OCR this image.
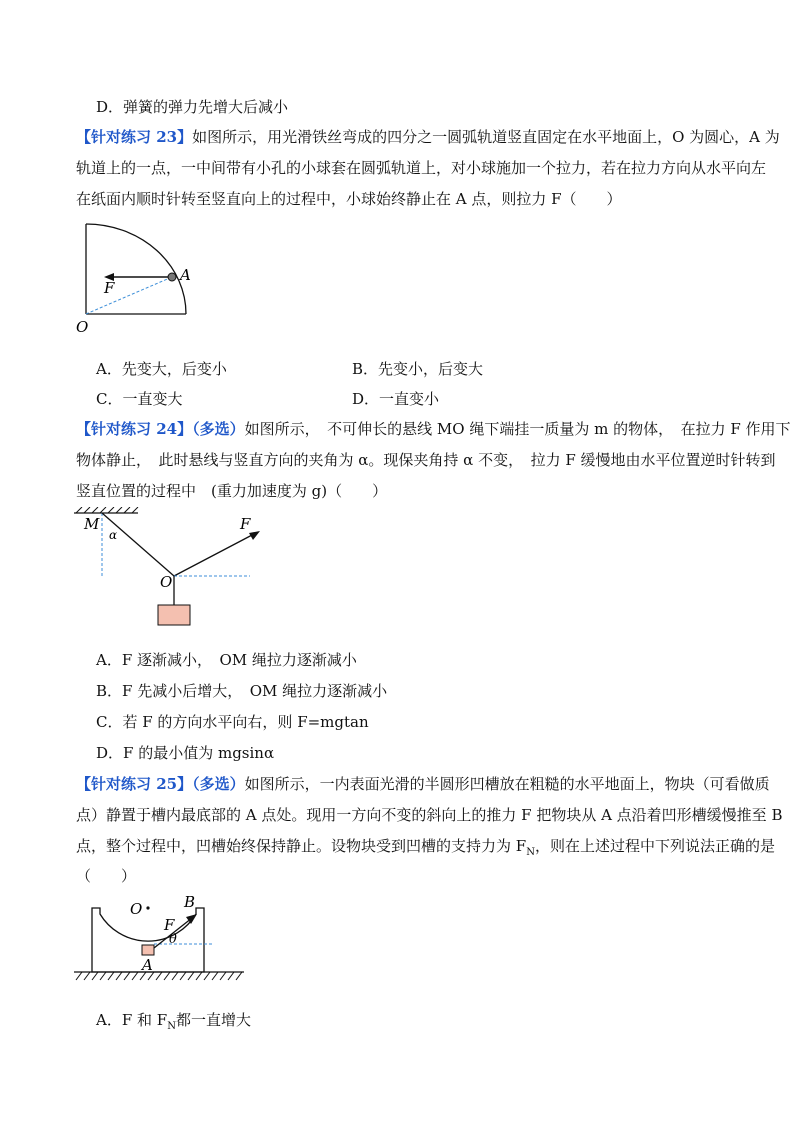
D．弹簧的弹力先增大后减小
【针对练习 23】如图所示，用光滑铁丝弯成的四分之一圆弧轨道竖直固定在水平地面上，O 为圆心，A 为
轨道上的一点，一中间带有小孔的小球套在圆弧轨道上，对小球施加一个拉力，若在拉力方向从水平向左
在纸面内顺时针转至竖直向上的过程中，小球始终静止在 A 点，则拉力 F（　　）
F
A
O
A．先变大，后变小	B．先变小，后变大
C．一直变大	D．一直变小
【针对练习 24】（多选）如图所示，　不可伸长的悬线 MO 绳下端挂一质量为 m 的物体，　在拉力 F 作用下
物体静止，　此时悬线与竖直方向的夹角为 α。现保夹角持 α 不变，　拉力 F 缓慢地由水平位置逆时针转到
竖直位置的过程中　(重力加速度为 g)（　　）
M
α
F
O
A．F 逐渐减小，　OM 绳拉力逐渐减小
B．F 先减小后增大，　OM 绳拉力逐渐减小
C．若 F 的方向水平向右，则 F=mgtan
D．F 的最小值为 mgsinα
【针对练习 25】（多选）如图所示，一内表面光滑的半圆形凹槽放在粗糙的水平地面上，物块（可看做质
点）静置于槽内最底部的 A 点处。现用一方向不变的斜向上的推力 F 把物块从 A 点沿着凹形槽缓慢推至 B
点，整个过程中，凹槽始终保持静止。设物块受到凹槽的支持力为 $F_N$，则在上述过程中下列说法正确的是
（　　）
O
F
θ
B
A
A．F 和 $F_N$都一直增大
